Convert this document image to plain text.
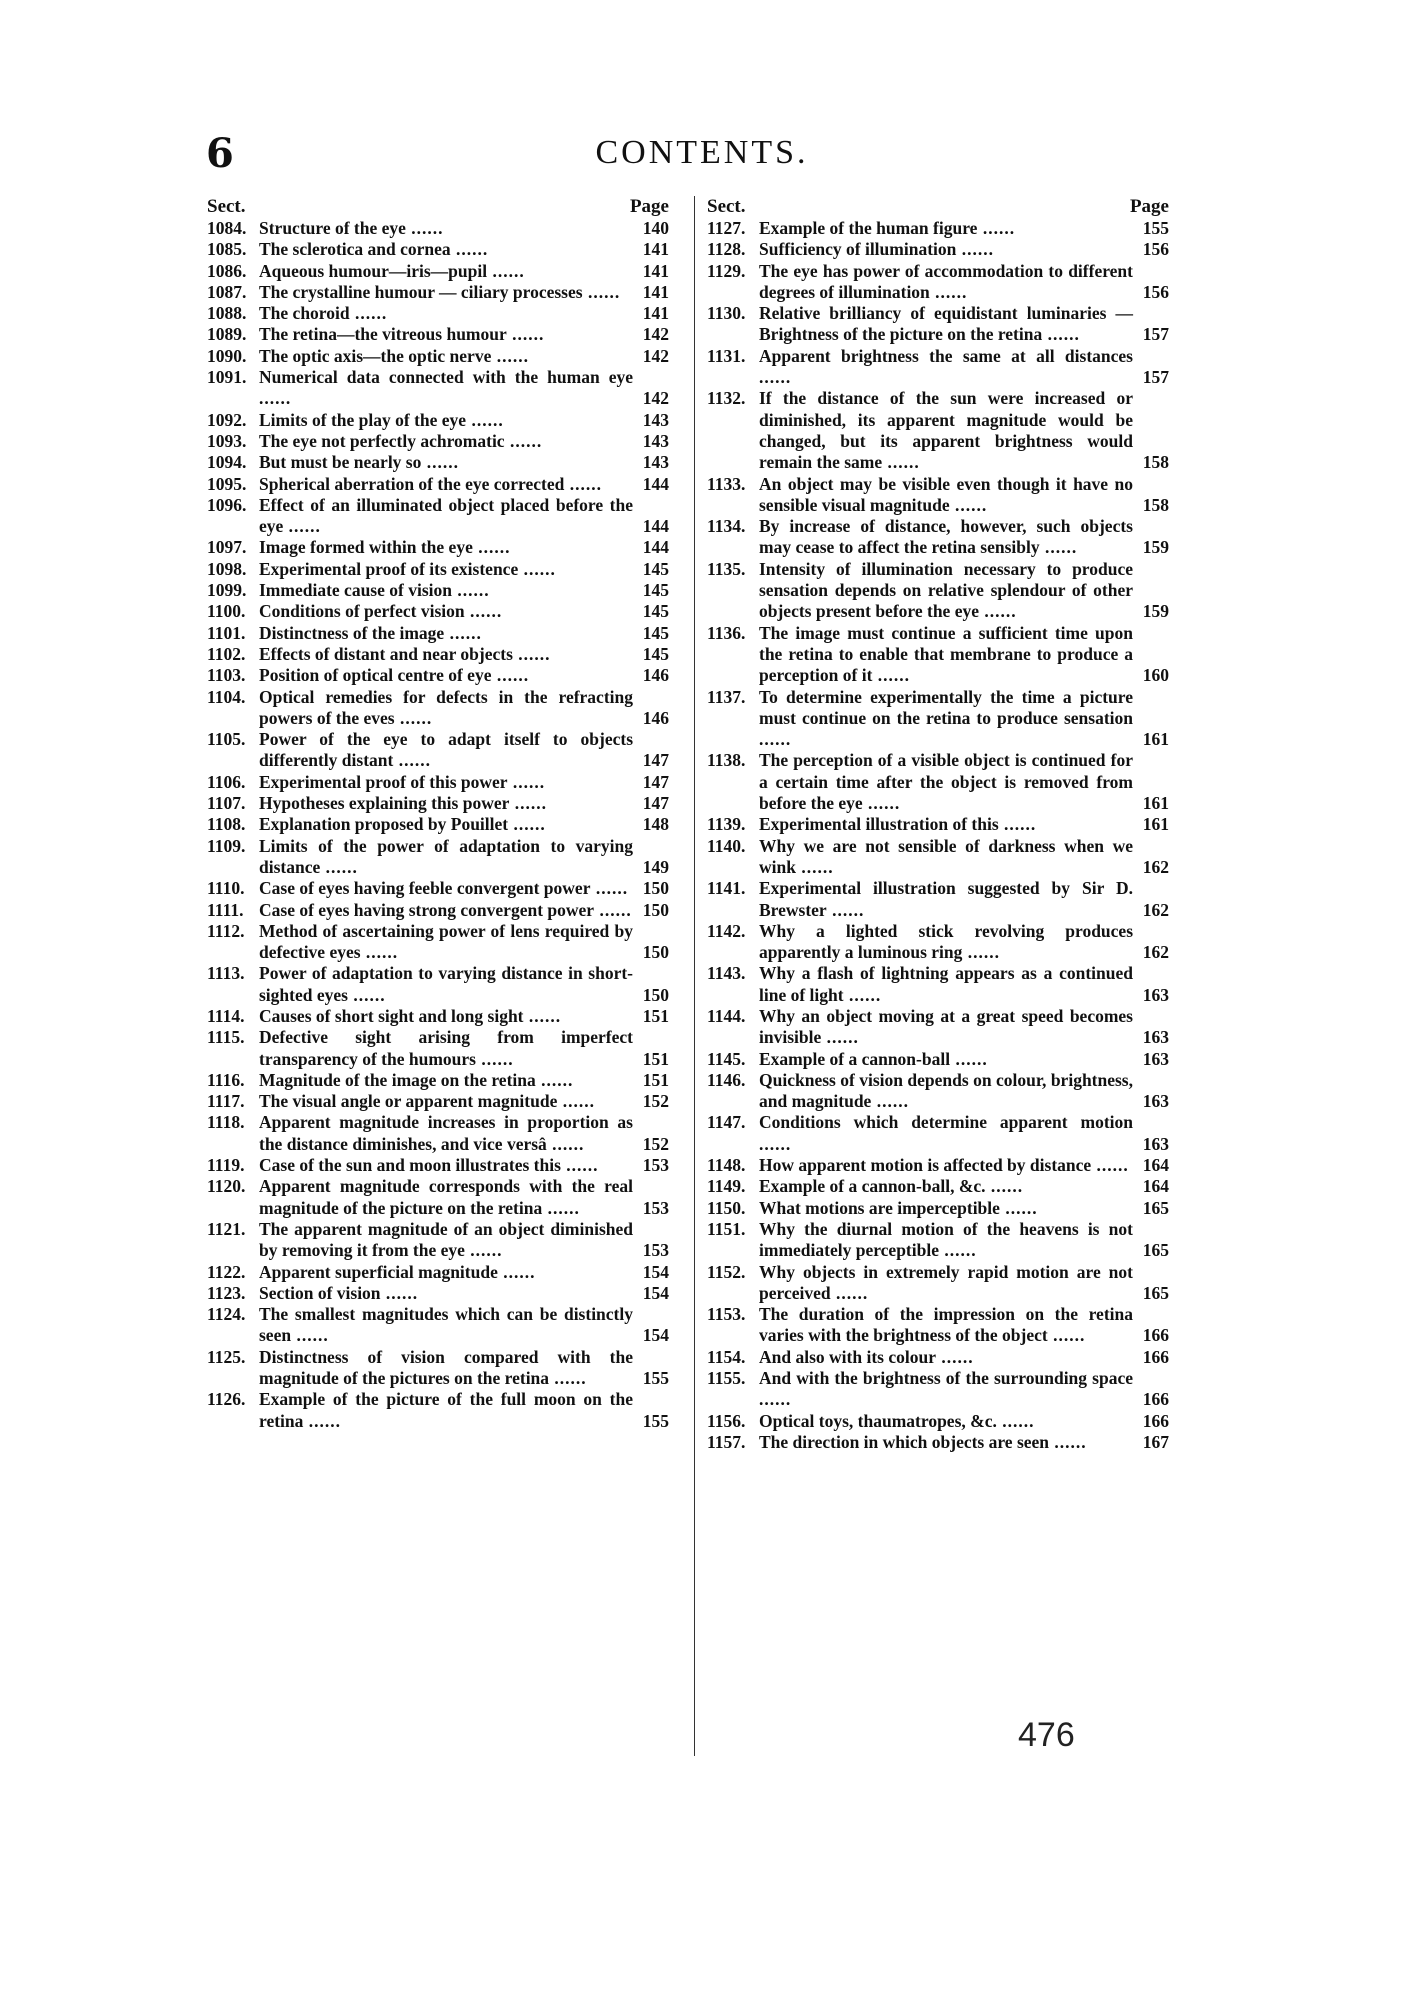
6	CONTENTS.
Sect.	Page
1084. Structure of the eye ......	140
1085. The sclerotica and cornea ......	141
1086. Aqueous humour—iris—pupil ......	141
1087. The crystalline humour — ciliary processes ......	141
1088. The choroid ......	141
1089. The retina—the vitreous humour ......	142
1090. The optic axis—the optic nerve ......	142
1091. Numerical data connected with the human eye ......	142
1092. Limits of the play of the eye ......	143
1093. The eye not perfectly achromatic ......	143
1094. But must be nearly so ......	143
1095. Spherical aberration of the eye corrected ......	144
1096. Effect of an illuminated object placed before the eye ......	144
1097. Image formed within the eye ......	144
1098. Experimental proof of its existence ......	145
1099. Immediate cause of vision ......	145
1100. Conditions of perfect vision ......	145
1101. Distinctness of the image ......	145
1102. Effects of distant and near objects ......	145
1103. Position of optical centre of eye ......	146
1104. Optical remedies for defects in the refracting powers of the eves ......	146
1105. Power of the eye to adapt itself to objects differently distant ......	147
1106. Experimental proof of this power ......	147
1107. Hypotheses explaining this power ......	147
1108. Explanation proposed by Pouillet ......	148
1109. Limits of the power of adaptation to varying distance ......	149
1110. Case of eyes having feeble convergent power ...... 150
1111. Case of eyes having strong convergent power ...... 150
1112. Method of ascertaining power of lens required by defective eyes ......	150
1113. Power of adaptation to varying distance in short-sighted eyes ......	150
1114. Causes of short sight and long sight ......	151
1115. Defective sight arising from imperfect transparency of the humours ......	151
1116. Magnitude of the image on the retina ......	151
1117. The visual angle or apparent magnitude ......	152
1118. Apparent magnitude increases in proportion as the distance diminishes, and vice versâ ......	152
1119. Case of the sun and moon illustrates this ......	153
1120. Apparent magnitude corresponds with the real magnitude of the picture on the retina ......	153
1121. The apparent magnitude of an object diminished by removing it from the eye ......	153
1122. Apparent superficial magnitude ......	154
1123. Section of vision ......	154
1124. The smallest magnitudes which can be distinctly seen ......	154
1125. Distinctness of vision compared with the magnitude of the pictures on the retina ......	155
1126. Example of the picture of the full moon on the retina ......	155
Sect.	Page
1127. Example of the human figure ......	155
1128. Sufficiency of illumination ......	156
1129. The eye has power of accommodation to different degrees of illumination ......	156
1130. Relative brilliancy of equidistant luminaries — Brightness of the picture on the retina ......	157
1131. Apparent brightness the same at all distances ......	157
1132. If the distance of the sun were increased or diminished, its apparent magnitude would be changed, but its apparent brightness would remain the same ......	158
1133. An object may be visible even though it have no sensible visual magnitude ......	158
1134. By increase of distance, however, such objects may cease to affect the retina sensibly ......	159
1135. Intensity of illumination necessary to produce sensation depends on relative splendour of other objects present before the eye ......	159
1136. The image must continue a sufficient time upon the retina to enable that membrane to produce a perception of it ......	160
1137. To determine experimentally the time a picture must continue on the retina to produce sensation ......	161
1138. The perception of a visible object is continued for a certain time after the object is removed from before the eye ......	161
1139. Experimental illustration of this ......	161
1140. Why we are not sensible of darkness when we wink ......	162
1141. Experimental illustration suggested by Sir D. Brewster ......	162
1142. Why a lighted stick revolving produces apparently a luminous ring ......	162
1143. Why a flash of lightning appears as a continued line of light ......	163
1144. Why an object moving at a great speed becomes invisible ......	163
1145. Example of a cannon-ball ......	163
1146. Quickness of vision depends on colour, brightness, and magnitude ......	163
1147. Conditions which determine apparent motion ......	163
1148. How apparent motion is affected by distance ...... 164
1149. Example of a cannon-ball, &c. ......	164
1150. What motions are imperceptible ......	165
1151. Why the diurnal motion of the heavens is not immediately perceptible ......	165
1152. Why objects in extremely rapid motion are not perceived ......	165
1153. The duration of the impression on the retina varies with the brightness of the object ......	166
1154. And also with its colour ......	166
1155. And with the brightness of the surrounding space ......	166
1156. Optical toys, thaumatropes, &c. ......	166
1157. The direction in which objects are seen ......	167
476
